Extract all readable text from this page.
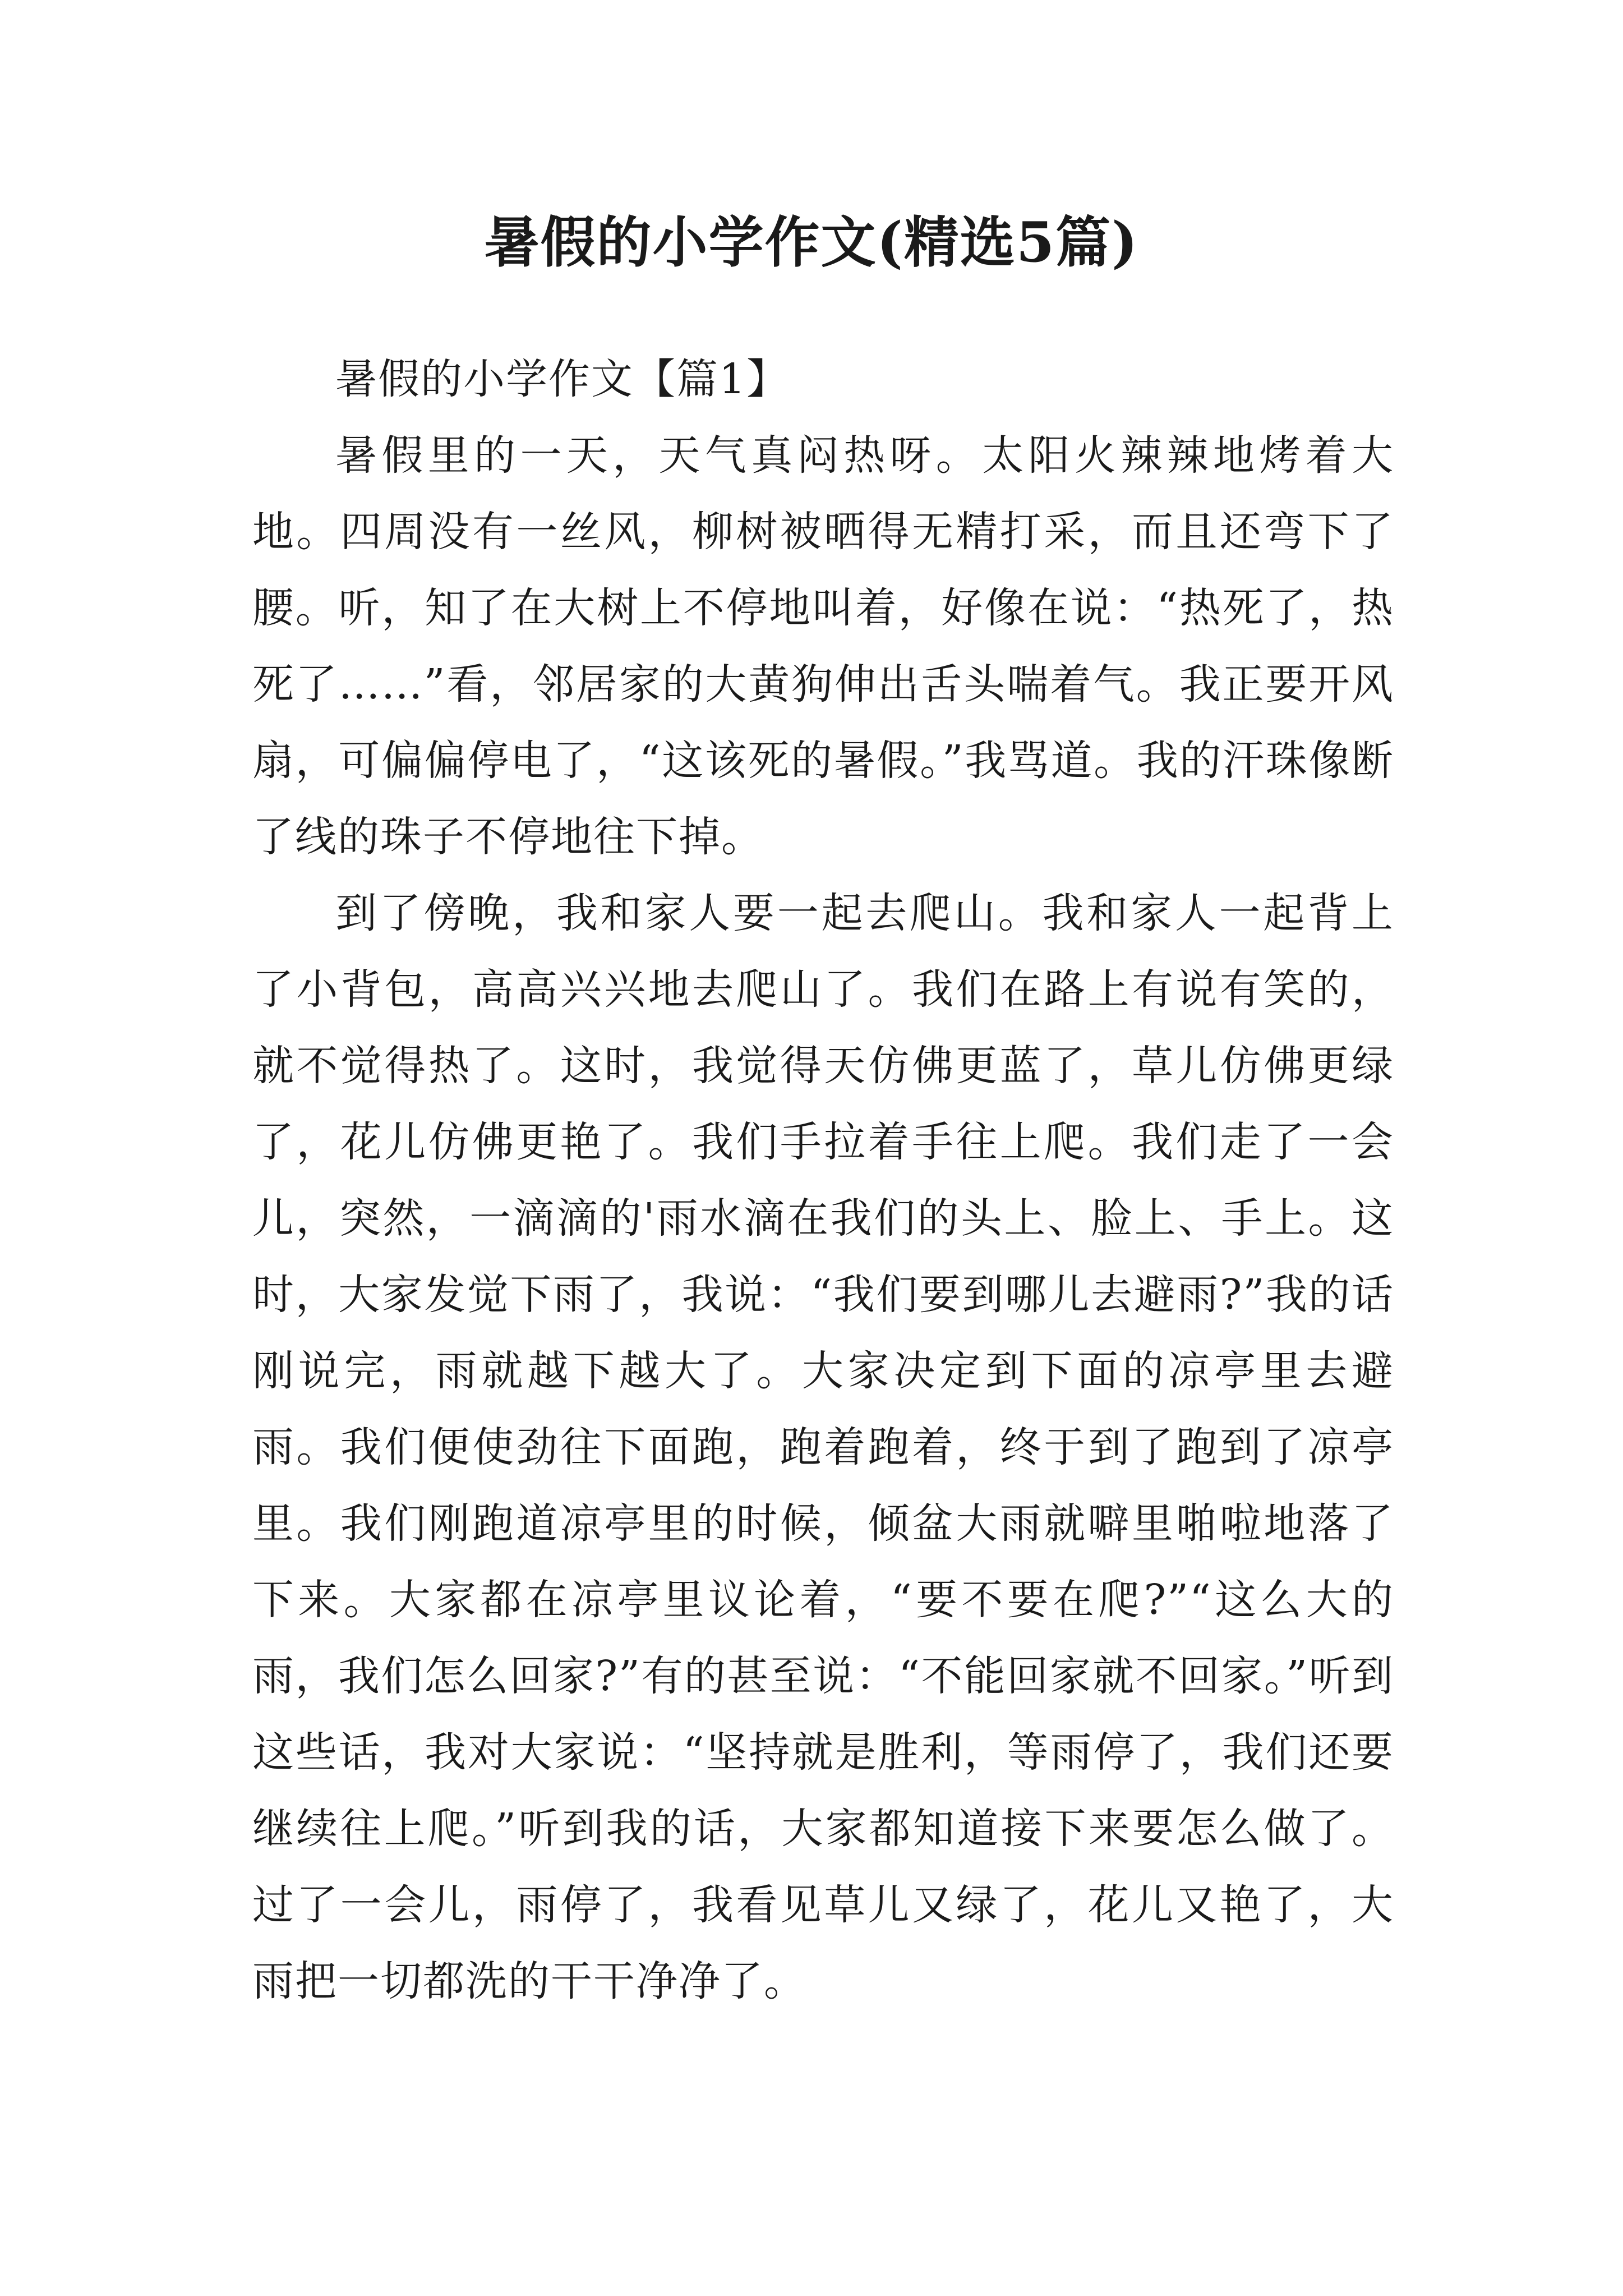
暑假的小学作文(精选5篇)

暑假的小学作文【篇1】

暑假里的一天，天气真闷热呀。太阳火辣辣地烤着大地。四周没有一丝风，柳树被晒得无精打采，而且还弯下了腰。听，知了在大树上不停地叫着，好像在说：“热死了，热死了……”看，邻居家的大黄狗伸出舌头喘着气。我正要开风扇，可偏偏停电了，“这该死的暑假。”我骂道。我的汗珠像断了线的珠子不停地往下掉。

到了傍晚，我和家人要一起去爬山。我和家人一起背上了小背包，高高兴兴地去爬山了。我们在路上有说有笑的，就不觉得热了。这时，我觉得天仿佛更蓝了，草儿仿佛更绿了，花儿仿佛更艳了。我们手拉着手往上爬。我们走了一会儿，突然，一滴滴的'雨水滴在我们的头上、脸上、手上。这时，大家发觉下雨了，我说：“我们要到哪儿去避雨?”我的话刚说完，雨就越下越大了。大家决定到下面的凉亭里去避雨。我们便使劲往下面跑，跑着跑着，终于到了跑到了凉亭里。我们刚跑道凉亭里的时候，倾盆大雨就噼里啪啦地落了下来。大家都在凉亭里议论着，“要不要在爬?”“这么大的雨，我们怎么回家?”有的甚至说：“不能回家就不回家。”听到这些话，我对大家说：“坚持就是胜利，等雨停了，我们还要继续往上爬。”听到我的话，大家都知道接下来要怎么做了。过了一会儿，雨停了，我看见草儿又绿了，花儿又艳了，大雨把一切都洗的干干净净了。
